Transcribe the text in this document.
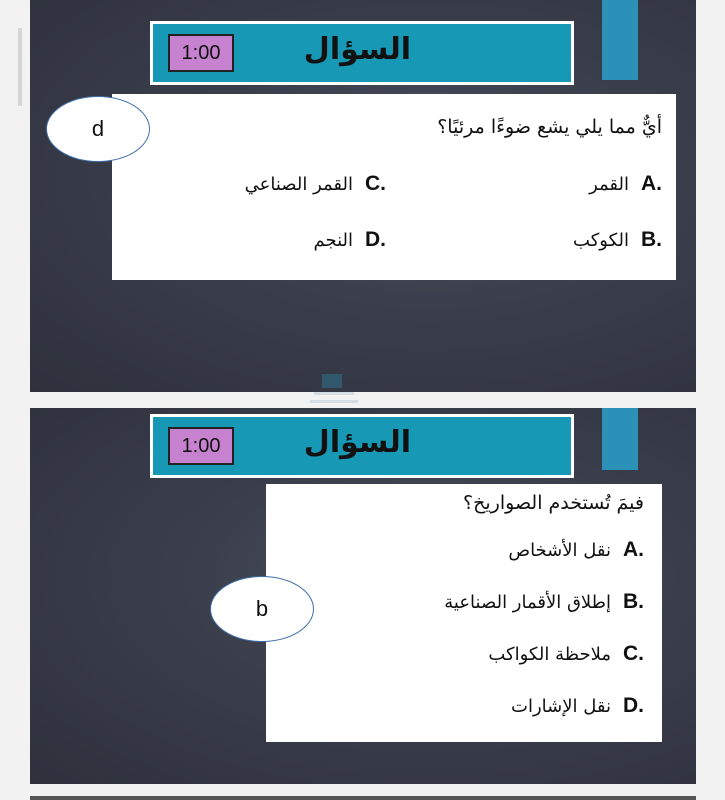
1:00	السؤال
أيٌّ مما يلي يشع ضوءًا مرئيًا؟
A.
القمر
B.
الكوكب
C.
القمر الصناعي
D.
النجم
d
1:00	السؤال
فيمَ تُستخدم الصواريخ؟
A.
نقل الأشخاص
B.
إطلاق الأقمار الصناعية
C.
ملاحظة الكواكب
D.
نقل الإشارات
b
